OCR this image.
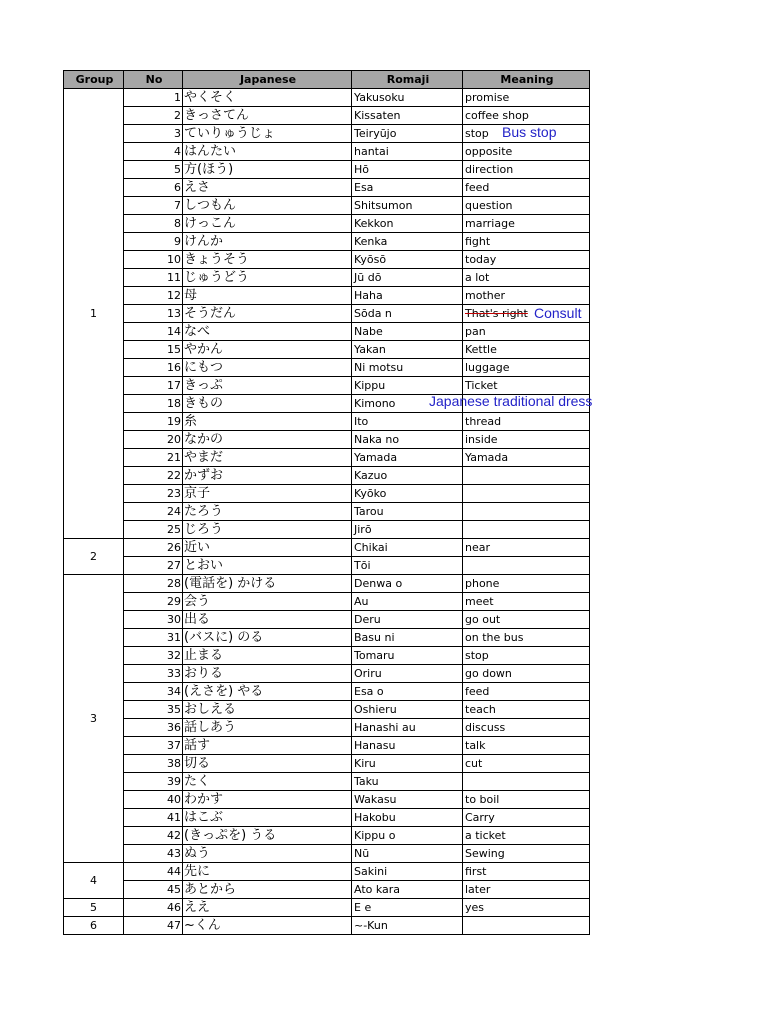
Group	No	Japanese	Romaji	Meaning
1	1	やくそく	Yakusoku	promise
	2	きっさてん	Kissaten	coffee shop
	3	ていりゅうじょ	Teiryūjo	stop
	4	はんたい	hantai	opposite
	5	方(ほう)	Hō	direction
	6	えさ	Esa	feed
	7	しつもん	Shitsumon	question
	8	けっこん	Kekkon	marriage
	9	けんか	Kenka	fight
	10	きょうそう	Kyōsō	today
	11	じゅうどう	Jū dō	a lot
	12	母	Haha	mother
	13	そうだん	Sōda n	That's right
	14	なべ	Nabe	pan
	15	やかん	Yakan	Kettle
	16	にもつ	Ni motsu	luggage
	17	きっぷ	Kippu	Ticket
	18	きもの	Kimono	
	19	糸	Ito	thread
	20	なかの	Naka no	inside
	21	やまだ	Yamada	Yamada
	22	かずお	Kazuo	
	23	京子	Kyōko	
	24	たろう	Tarou	
	25	じろう	Jirō	
2	26	近い	Chikai	near
	27	とおい	Tōi	
3	28	(電話を) かける	Denwa o	phone
	29	会う	Au	meet
	30	出る	Deru	go out
	31	(バスに) のる	Basu ni	on the bus
	32	止まる	Tomaru	stop
	33	おりる	Oriru	go down
	34	(えさを) やる	Esa o	feed
	35	おしえる	Oshieru	teach
	36	話しあう	Hanashi au	discuss
	37	話す	Hanasu	talk
	38	切る	Kiru	cut
	39	たく	Taku	
	40	わかす	Wakasu	to boil
	41	はこぶ	Hakobu	Carry
	42	(きっぷを) うる	Kippu o	a ticket
	43	ぬう	Nū	Sewing
4	44	先に	Sakini	first
	45	あとから	Ato kara	later
5	46	ええ	E e	yes
6	47	~くん	~-Kun	
Bus stop
Consult
Japanese traditional dress
